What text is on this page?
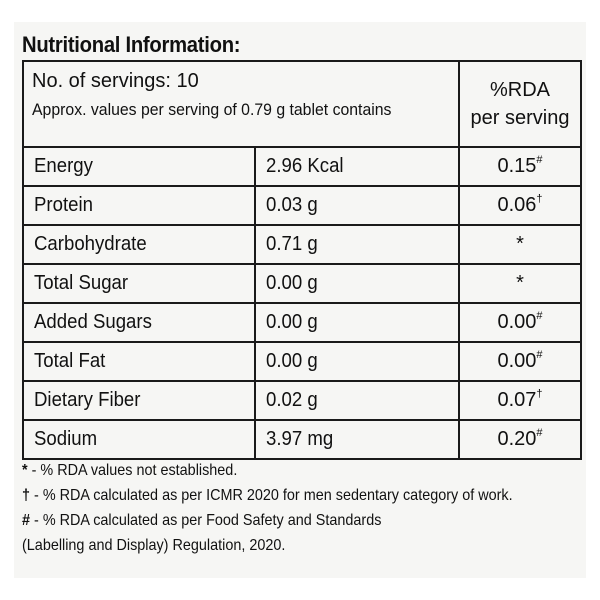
Nutritional Information:
No. of servings: 10
Approx. values per serving of 0.79 g tablet contains		%RDA
per serving

Energy	2.96 Kcal	0.15#
Protein	0.03 g	0.06†
Carbohydrate	0.71 g	*
Total Sugar	0.00 g	*
Added Sugars	0.00 g	0.00#
Total Fat	0.00 g	0.00#
Dietary Fiber	0.02 g	0.07†
Sodium	3.97 mg	0.20#
* - % RDA values not established.
† - % RDA calculated as per ICMR 2020 for men sedentary category of work.
# - % RDA calculated as per Food Safety and Standards
(Labelling and Display) Regulation, 2020.
